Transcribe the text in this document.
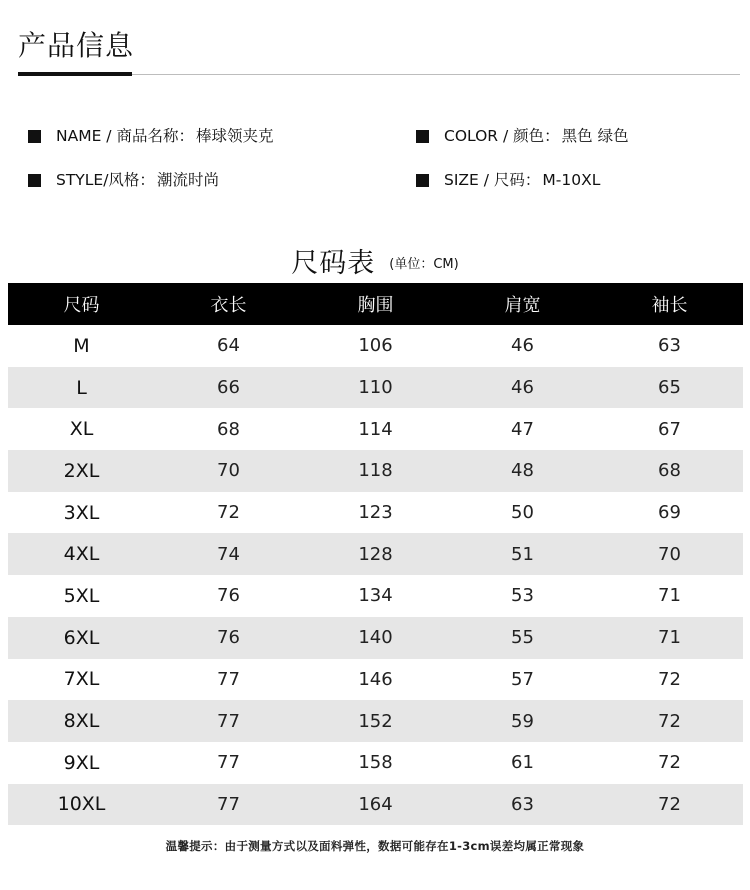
产品信息
NAME / 商品名称： 棒球领夹克	COLOR / 颜色： 黑色 绿色
STYLE/风格： 潮流时尚	SIZE / 尺码： M-10XL
尺码表 $^{(单位:CM)}$
尺码	衣长	胸围	肩宽	袖长
M	64	106	46	63
L	66	110	46	65
XL	68	114	47	67
2XL	70	118	48	68
3XL	72	123	50	69
4XL	74	128	51	70
5XL	76	134	53	71
6XL	76	140	55	71
7XL	77	146	57	72
8XL	77	152	59	72
9XL	77	158	61	72
10XL	77	164	63	72
温馨提示：由于测量方式以及面料弹性，数据可能存在1-3cm误差均属正常现象
